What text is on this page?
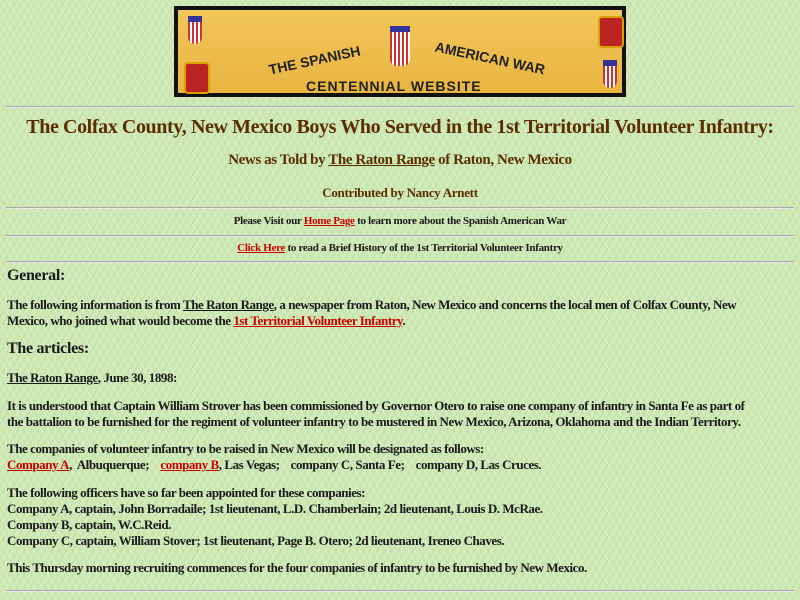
THE SPANISH	AMERICAN WAR
CENTENNIAL WEBSITE
The Colfax County, New Mexico Boys Who Served in the 1st Territorial Volunteer Infantry:
News as Told by The Raton Range of Raton, New Mexico
Contributed by Nancy Arnett
Please Visit our Home Page to learn more about the Spanish American War
Click Here to read a Brief History of the 1st Territorial Volunteer Infantry
General:
The following information is from The Raton Range, a newspaper from Raton, New Mexico and concerns the local men of Colfax County, New
Mexico, who joined what would become the 1st Territorial Volunteer Infantry.
The articles:
The Raton Range, June 30, 1898:
It is understood that Captain William Strover has been commissioned by Governor Otero to raise one company of infantry in Santa Fe as part of
the battalion to be furnished for the regiment of volunteer infantry to be mustered in New Mexico, Arizona, Oklahoma and the Indian Territory.
The companies of volunteer infantry to be raised in New Mexico will be designated as follows:
Company A,  Albuquerque;    company B, Las Vegas;    company C, Santa Fe;    company D, Las Cruces.
The following officers have so far been appointed for these companies:
Company A, captain, John Borradaile; 1st lieutenant, L.D. Chamberlain; 2d lieutenant, Louis D. McRae.
Company B, captain, W.C.Reid.
Company C, captain, William Stover; 1st lieutenant, Page B. Otero; 2d lieutenant, Ireneo Chaves.
This Thursday morning recruiting commences for the four companies of infantry to be furnished by New Mexico.
